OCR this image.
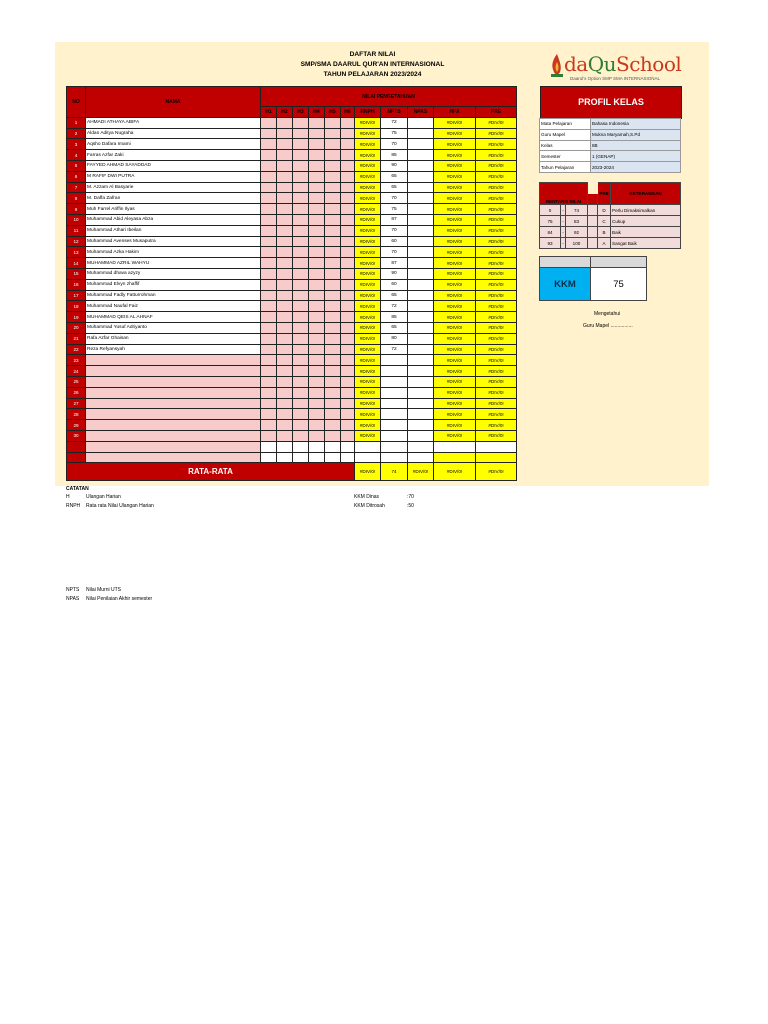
DAFTAR NILAI
SMP/SMA DAARUL QUR'AN INTERNASIONAL
TAHUN PELAJARAN 2023/2024	daQuSchool
Daarul's Option SMP SMA INTERNASIONAL
NO	NAMA	NILAI PENGETAHUAN										
		H1	H2	H3	H4	H5	H6	RNPH	NPTS	NPAS	HPA	PRE
1	AHMADI ATHAYA ABIFA							#DIV/0!	72		#DIV/0!	#DIV/0!
2	Aldan Aditya Nugraha							#DIV/0!	75		#DIV/0!	#DIV/0!
3	Aqsho Dafara Imami							#DIV/0!	70		#DIV/0!	#DIV/0!
4	Farras Azfar Zaki							#DIV/0!	85		#DIV/0!	#DIV/0!
5	FAYYED AHMAD SAYADDAD							#DIV/0!	90		#DIV/0!	#DIV/0!
6	M RAFIF DWI PUTRA							#DIV/0!	65		#DIV/0!	#DIV/0!
7	M. Azzam Al Basyarie							#DIV/0!	65		#DIV/0!	#DIV/0!
8	M. Daffa Zafran							#DIV/0!	70		#DIV/0!	#DIV/0!
9	Muh Farrel Ariffin Ilyas							#DIV/0!	75		#DIV/0!	#DIV/0!
10	Muhammad Abid Aleyasa Abza							#DIV/0!	87		#DIV/0!	#DIV/0!
11	Muhammad Athari Ibeilan							#DIV/0!	70		#DIV/0!	#DIV/0!
12	Muhammad Avenses Musaputra							#DIV/0!	60		#DIV/0!	#DIV/0!
13	Muhammad Azka Hakim							#DIV/0!	70		#DIV/0!	#DIV/0!
14	MUHAMMAD AZRIL WAHYU							#DIV/0!	87		#DIV/0!	#DIV/0!
15	Muhammad dhava azyzy							#DIV/0!	90		#DIV/0!	#DIV/0!
16	Muhammad Elvyn zhaffif							#DIV/0!	60		#DIV/0!	#DIV/0!
17	Muhammad Fadly Fatturrohman							#DIV/0!	65		#DIV/0!	#DIV/0!
18	Muhammad Naufal Faiz							#DIV/0!	72		#DIV/0!	#DIV/0!
19	MUHAMMAD QEIS AL AHNAF							#DIV/0!	85		#DIV/0!	#DIV/0!
20	Muhammad Yusuf Adriyanto							#DIV/0!	65		#DIV/0!	#DIV/0!
21	Rafa Azfar Ghaisan							#DIV/0!	80		#DIV/0!	#DIV/0!
22	Reza Refyansyah							#DIV/0!	72		#DIV/0!	#DIV/0!
23								#DIV/0!			#DIV/0!	#DIV/0!
24								#DIV/0!			#DIV/0!	#DIV/0!
25								#DIV/0!			#DIV/0!	#DIV/0!
26								#DIV/0!			#DIV/0!	#DIV/0!
27								#DIV/0!			#DIV/0!	#DIV/0!
28								#DIV/0!			#DIV/0!	#DIV/0!
29								#DIV/0!			#DIV/0!	#DIV/0!
30								#DIV/0!			#DIV/0!	#DIV/0!

RATA-RATA								#DIV/0!	74	#DIV/0!	#DIV/0!	#DIV/0!
PROFIL KELAS
Mata Pelajaran	Bahasa Indonesia
Guru Mapel	Mukna Maryamah,S.Pd
Kelas	8B
Semester	1 (GENAP)
Tahun Pelajaran	2023-2024
RENTANG NILAI				PRE	KETERANGAN

0	-	74		D	Perlu Dimaksimalkan
75	-	83		C	Cukup
84	-	92		B	Baik
93	-	100		A	Sangat Baik

KKM	75
Mengetahui
Guru Mapel ................
CATATAN
H	Ulangan Harian
RNPH Rata rata Nilai Ulangan Harian
KKM Dinas	:70
KKM Ditrosah	:50
NPTS Nilai Murni UTS
NPAS Nilai Penilaian Akhir semester
